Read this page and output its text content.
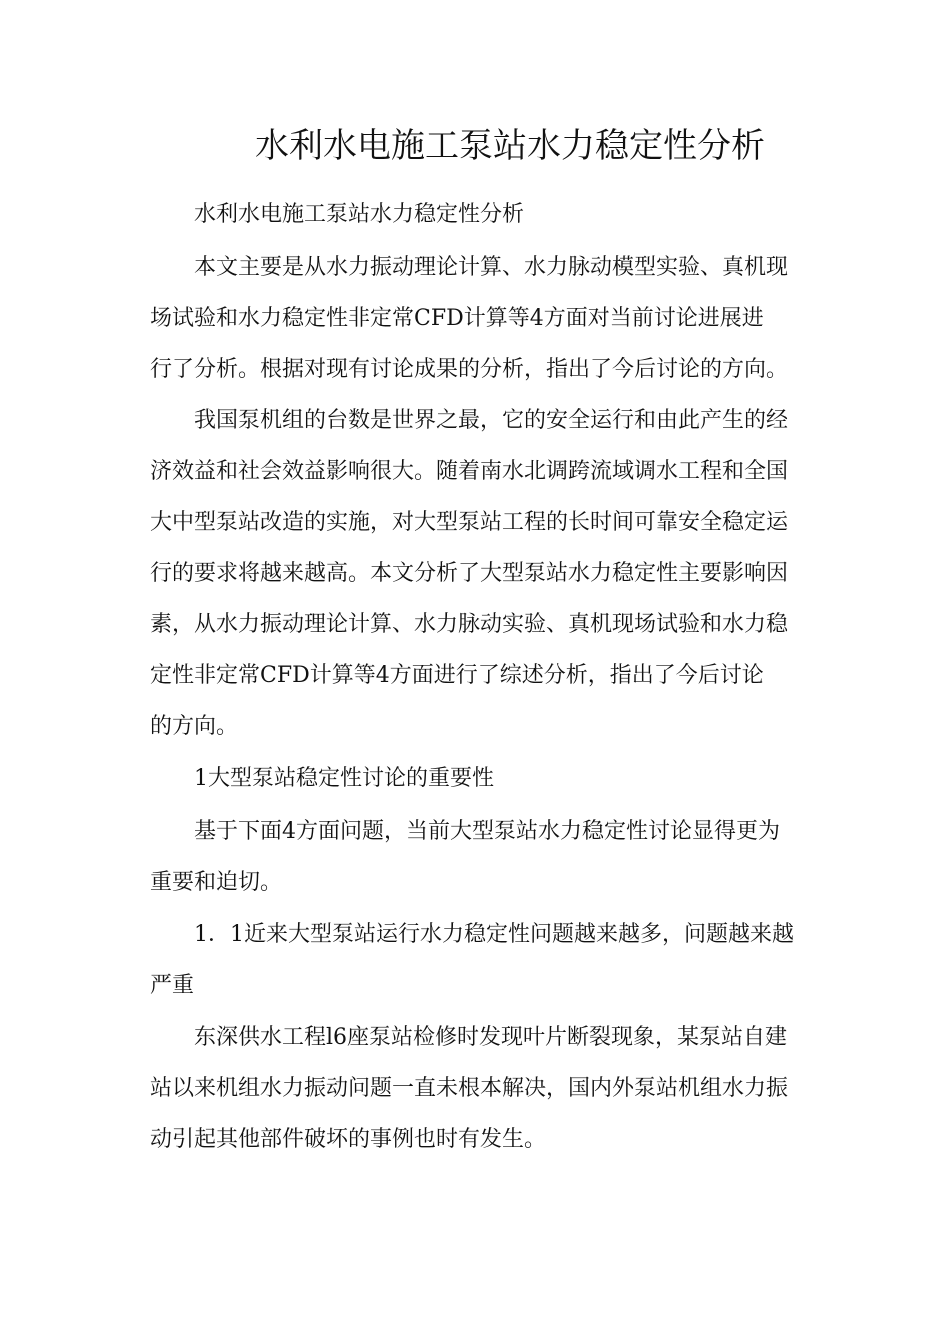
水利水电施工泵站水力稳定性分析
水利水电施工泵站水力稳定性分析
本文主要是从水力振动理论计算、水力脉动模型实验、真机现
场试验和水力稳定性非定常CFD计算等4方面对当前讨论进展进
行了分析。根据对现有讨论成果的分析，指出了今后讨论的方向。
我国泵机组的台数是世界之最，它的安全运行和由此产生的经
济效益和社会效益影响很大。随着南水北调跨流域调水工程和全国
大中型泵站改造的实施，对大型泵站工程的长时间可靠安全稳定运
行的要求将越来越高。本文分析了大型泵站水力稳定性主要影响因
素，从水力振动理论计算、水力脉动实验、真机现场试验和水力稳
定性非定常CFD计算等4方面进行了综述分析，指出了今后讨论
的方向。
1大型泵站稳定性讨论的重要性
基于下面4方面问题，当前大型泵站水力稳定性讨论显得更为
重要和迫切。
1．1近来大型泵站运行水力稳定性问题越来越多，问题越来越
严重
东深供水工程l6座泵站检修时发现叶片断裂现象，某泵站自建
站以来机组水力振动问题一直未根本解决，国内外泵站机组水力振
动引起其他部件破坏的事例也时有发生。
